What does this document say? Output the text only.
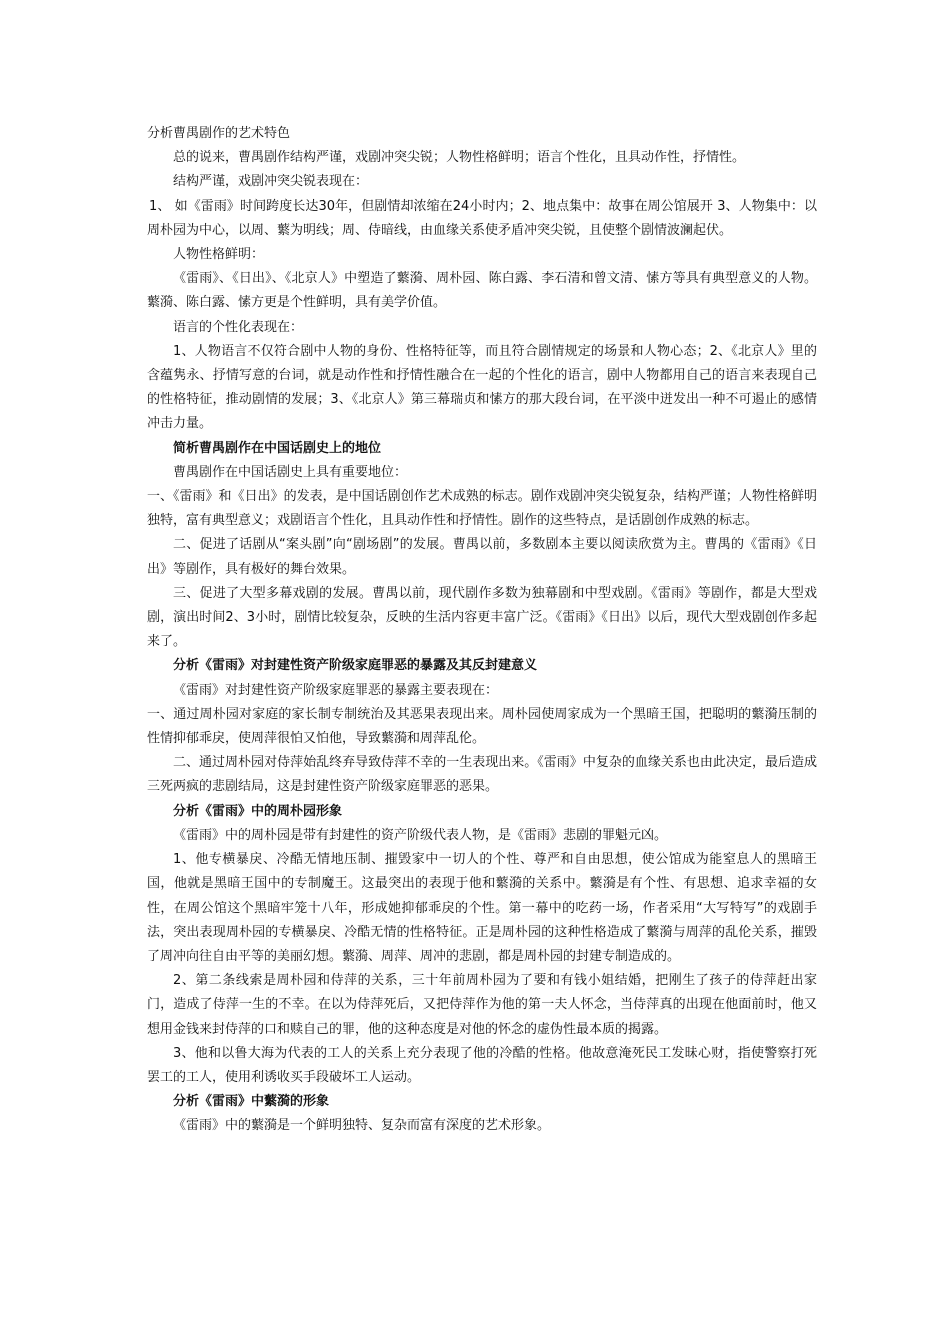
分析曹禺剧作的艺术特色

总的说来，曹禺剧作结构严谨，戏剧冲突尖锐；人物性格鲜明；语言个性化，且具动作性，抒情性。

结构严谨，戏剧冲突尖锐表现在：

1、 如《雷雨》时间跨度长达30年，但剧情却浓缩在24小时内；2、地点集中：故事在周公馆展开 3、人物集中：以周朴园为中心，以周、蘩为明线；周、侍暗线，由血缘关系使矛盾冲突尖锐，且使整个剧情波澜起伏。

人物性格鲜明：

《雷雨》、《日出》、《北京人》中塑造了蘩漪、周朴园、陈白露、李石清和曾文清、愫方等具有典型意义的人物。蘩漪、陈白露、愫方更是个性鲜明，具有美学价值。

语言的个性化表现在：

1、人物语言不仅符合剧中人物的身份、性格特征等，而且符合剧情规定的场景和人物心态；2、《北京人》里的含蕴隽永、抒情写意的台词，就是动作性和抒情性融合在一起的个性化的语言，剧中人物都用自己的语言来表现自己的性格特征，推动剧情的发展；3、《北京人》第三幕瑞贞和愫方的那大段台词，在平淡中迸发出一种不可遏止的感情冲击力量。

简析曹禺剧作在中国话剧史上的地位

曹禺剧作在中国话剧史上具有重要地位：

一、《雷雨》和《日出》的发表，是中国话剧创作艺术成熟的标志。剧作戏剧冲突尖锐复杂，结构严谨；人物性格鲜明独特，富有典型意义；戏剧语言个性化，且具动作性和抒情性。剧作的这些特点，是话剧创作成熟的标志。

二、促进了话剧从“案头剧”向“剧场剧”的发展。曹禺以前，多数剧本主要以阅读欣赏为主。曹禺的《雷雨》《日出》等剧作，具有极好的舞台效果。

三、促进了大型多幕戏剧的发展。曹禺以前，现代剧作多数为独幕剧和中型戏剧。《雷雨》等剧作，都是大型戏剧，演出时间2、3小时，剧情比较复杂，反映的生活内容更丰富广泛。《雷雨》《日出》以后，现代大型戏剧创作多起来了。

分析《雷雨》对封建性资产阶级家庭罪恶的暴露及其反封建意义

《雷雨》对封建性资产阶级家庭罪恶的暴露主要表现在：

一、通过周朴园对家庭的家长制专制统治及其恶果表现出来。周朴园使周家成为一个黑暗王国，把聪明的蘩漪压制的性情抑郁乖戾，使周萍很怕又怕他，导致蘩漪和周萍乱伦。

二、通过周朴园对侍萍始乱终弃导致侍萍不幸的一生表现出来。《雷雨》中复杂的血缘关系也由此决定，最后造成三死两疯的悲剧结局，这是封建性资产阶级家庭罪恶的恶果。

分析《雷雨》中的周朴园形象

《雷雨》中的周朴园是带有封建性的资产阶级代表人物，是《雷雨》悲剧的罪魁元凶。

1、他专横暴戾、冷酷无情地压制、摧毁家中一切人的个性、尊严和自由思想，使公馆成为能窒息人的黑暗王国，他就是黑暗王国中的专制魔王。这最突出的表现于他和蘩漪的关系中。蘩漪是有个性、有思想、追求幸福的女性，在周公馆这个黑暗牢笼十八年，形成她抑郁乖戾的个性。第一幕中的吃药一场，作者采用“大写特写”的戏剧手法，突出表现周朴园的专横暴戾、冷酷无情的性格特征。正是周朴园的这种性格造成了蘩漪与周萍的乱伦关系，摧毁了周冲向往自由平等的美丽幻想。蘩漪、周萍、周冲的悲剧，都是周朴园的封建专制造成的。

2、第二条线索是周朴园和侍萍的关系，三十年前周朴园为了要和有钱小姐结婚，把刚生了孩子的侍萍赶出家门，造成了侍萍一生的不幸。在以为侍萍死后，又把侍萍作为他的第一夫人怀念，当侍萍真的出现在他面前时，他又想用金钱来封侍萍的口和赎自己的罪，他的这种态度是对他的怀念的虚伪性最本质的揭露。

3、他和以鲁大海为代表的工人的关系上充分表现了他的冷酷的性格。他故意淹死民工发昧心财，指使警察打死罢工的工人，使用利诱收买手段破坏工人运动。

分析《雷雨》中蘩漪的形象

《雷雨》中的蘩漪是一个鲜明独特、复杂而富有深度的艺术形象。
